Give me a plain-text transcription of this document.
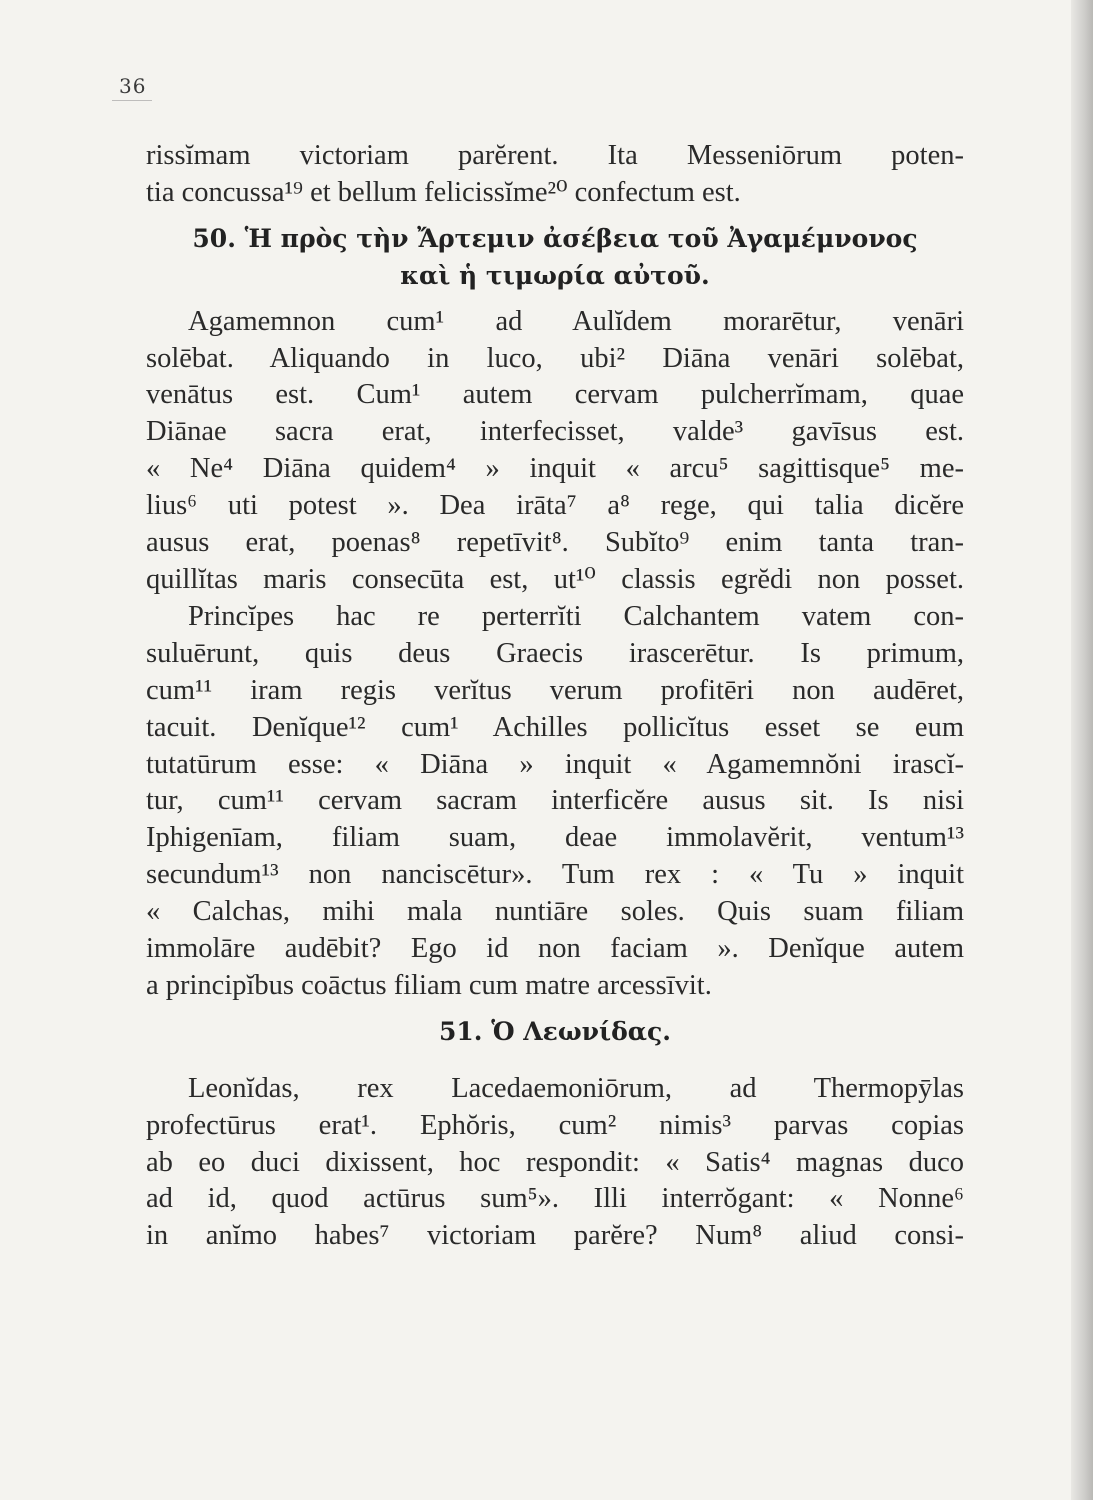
36
rissĭmam victoriam parĕrent. Ita Messeniōrum poten-
tia concussa¹⁹ et bellum felicissĭme²⁰ confectum est.
50. Ἡ πρὸς τὴν Ἄρτεμιν ἀσέβεια τοῦ Ἀγαμέμνονος
καὶ ἡ τιμωρία αὐτοῦ.
Agamemnon cum¹ ad Aulĭdem morarētur, venāri
solēbat. Aliquando in luco, ubi² Diāna venāri solēbat,
venātus est. Cum¹ autem cervam pulcherrĭmam, quae
Diānae sacra erat, interfecisset, valde³ gavīsus est.
« Ne⁴ Diāna quidem⁴ » inquit « arcu⁵ sagittisque⁵ me-
lius⁶ uti potest ». Dea irāta⁷ a⁸ rege, qui talia dicĕre
ausus erat, poenas⁸ repetīvit⁸. Subĭto⁹ enim tanta tran-
quillĭtas maris consecūta est, ut¹⁰ classis egrĕdi non posset.
Princĭpes hac re perterrĭti Calchantem vatem con-
suluērunt, quis deus Graecis irascerētur. Is primum,
cum¹¹ iram regis verĭtus verum profitēri non audēret,
tacuit. Denĭque¹² cum¹ Achilles pollicĭtus esset se eum
tutatūrum esse: « Diāna » inquit « Agamemnŏni irascĭ-
tur, cum¹¹ cervam sacram interficĕre ausus sit. Is nisi
Iphigenīam, filiam suam, deae immolavĕrit, ventum¹³
secundum¹³ non nanciscētur». Tum rex : « Tu » inquit
« Calchas, mihi mala nuntiāre soles. Quis suam filiam
immolāre audēbit? Ego id non faciam ». Denĭque autem
a principĭbus coāctus filiam cum matre arcessīvit.
51. Ὁ Λεωνίδας.
Leonĭdas, rex Lacedaemoniōrum, ad Thermopȳlas
profectūrus erat¹. Ephŏris, cum² nimis³ parvas copias
ab eo duci dixissent, hoc respondit: « Satis⁴ magnas duco
ad id, quod actūrus sum⁵». Illi interrŏgant: « Nonne⁶
in anĭmo habes⁷ victoriam parĕre? Num⁸ aliud consi-
